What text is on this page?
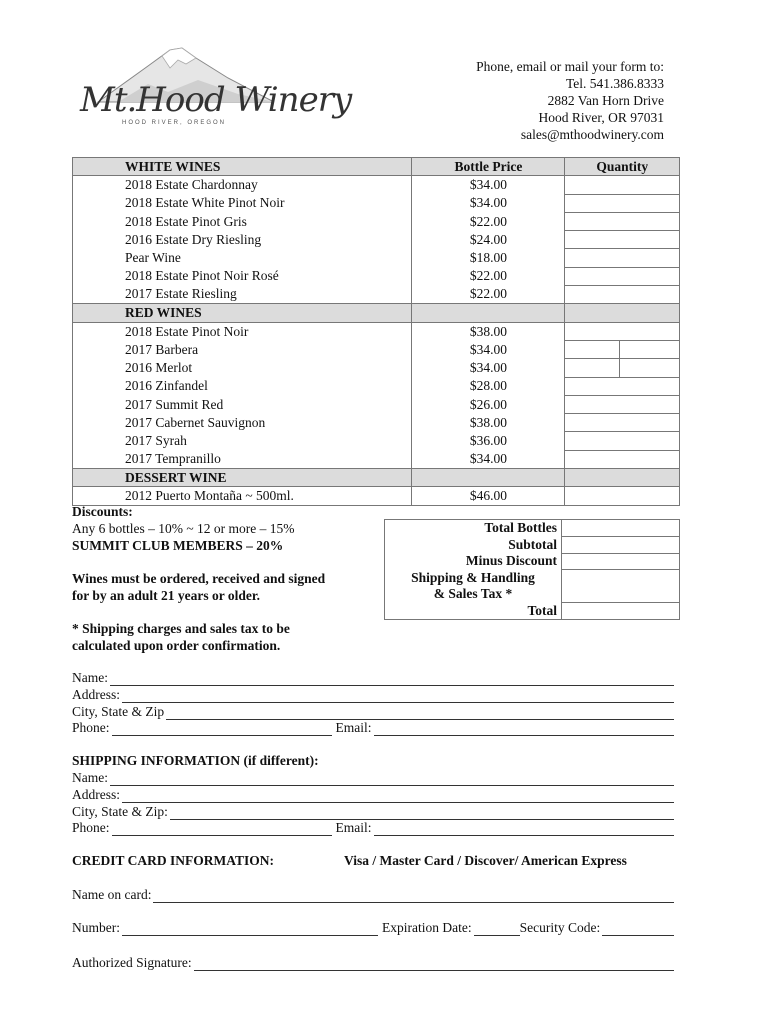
Mt.Hood Winery
HOOD RIVER, OREGON
Phone, email or mail your form to:
Tel. 541.386.8333
2882 Van Horn Drive
Hood River, OR 97031
sales@mthoodwinery.com
WHITE WINES	Bottle Price	Quantity
2018 Estate Chardonnay	$34.00	
2018 Estate White Pinot Noir	$34.00	
2018 Estate Pinot Gris	$22.00	
2016 Estate Dry Riesling	$24.00	
Pear Wine	$18.00	
2018 Estate Pinot Noir Rosé	$22.00	
2017 Estate Riesling	$22.00	
RED WINES		
2018 Estate Pinot Noir	$38.00	
2017 Barbera	$34.00	

2016 Merlot	$34.00	

2016 Zinfandel	$28.00	
2017 Summit Red	$26.00	
2017 Cabernet Sauvignon	$38.00	
2017 Syrah	$36.00	
2017 Tempranillo	$34.00	
DESSERT WINE		
2012 Puerto Montaña ~ 500ml.	$46.00	
Discounts:
Any 6 bottles – 10% ~ 12 or more – 15%
SUMMIT CLUB MEMBERS – 20%
Wines must be ordered, received and signed
for by an adult 21 years or older.
* Shipping charges and sales tax to be
calculated upon order confirmation.
Total Bottles	
Subtotal	
Minus Discount	
Shipping & Handling
& Sales Tax *	
Total	
Name:
Address:
City, State & Zip
Phone:	Email:
SHIPPING INFORMATION (if different):
Name:
Address:
City, State & Zip:
Phone:	Email:
CREDIT CARD INFORMATION:	Visa / Master Card / Discover/ American Express
Name on card:
Number:	Expiration Date:	Security Code:
Authorized Signature:
